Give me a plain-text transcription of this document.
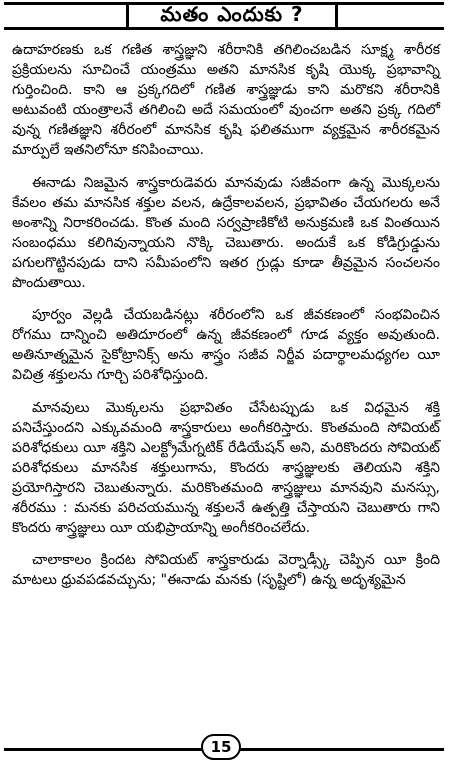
మతం ఎందుకు ?

ఉదాహరణకు ఒక గణిత శాస్త్రజ్ఞుని శరీరానికి తగిలించబడిన సూక్ష్మ శారీరక ప్రక్రియలను సూచించే యంత్రము అతని మానసిక కృషి యొక్క ప్రభావాన్ని గుర్తించింది. కాని ఆ ప్రక్కగదిలో గణిత శాస్త్రజ్ఞుడు కాని మరొకని శరీరానికి అటువంటి యంత్రాలనే తగిలించి అదే సమయంలో వుంచగా అతని ప్రక్క గదిలో వున్న గణితజ్ఞుని శరీరంలో మానసిక కృషి ఫలితముగా వ్యక్తమైన శారీరకమైన మార్పులే ఇతనిలోనూ కనిపించాయి.

ఈనాడు నిజమైన శాస్త్రకారుడెవరు మానవుడు సజీవంగా ఉన్న మొక్కలను కేవలం తమ మానసిక శక్తుల వలన, ఉద్రేకాలవలన, ప్రభావితం చేయగలరు అనే అంశాన్ని నిరాకరించడు. కొంత మంది సర్వప్రాణికోటి అనుక్రమణి ఒక వింతయిన సంబంధము కలిగివున్నాయని నొక్కి చెబుతారు. అందుకే ఒక కోడిగ్రుడ్డును పగులగొట్టినపుడు దాని సమీపంలోని ఇతర గ్రుడ్లు కూడా తీవ్రమైన సంచలనం పొందుతాయి.

పూర్వం వెల్లడి చేయబడినట్లు శరీరంలోని ఒక జీవకణంలో సంభవించిన రోగము దాన్నించి అతిదూరంలో ఉన్న జీవకణంలో గూడ వ్యక్తం అవుతుంది. అతినూత్నమైన సైకోట్రానిక్స్ అను శాస్త్రం సజీవ నిర్జీవ పదార్థాలమధ్యగల యీ విచిత్ర శక్తులను గూర్చి పరిశోధిస్తుంది.

మానవులు మొక్కలను ప్రభావితం చేసేటప్పుడు ఒక విధమైన శక్తి పనిచేస్తుందని ఎక్కువమంది శాస్త్రకారులు అంగీకరిస్తారు. కొంతమంది సోవియట్ పరిశోధకులు యీ శక్తిని ఎలక్ట్రోమేగ్నటిక్ రేడియేషన్ అని, మరికొందరు సోవియట్ పరిశోధకులు మానసిక శక్తులుగాను, కొందరు శాస్త్రజ్ఞులకు తెలియని శక్తిని ప్రయోగిస్తారని చెబుతున్నారు. మరికొంతమంది శాస్త్రజ్ఞులు మానవుని మనస్సు, శరీరము : మనకు పరిచయమున్న శక్తులనే ఉత్పత్తి చేస్తాయని చెబుతారు గాని కొందరు శాస్త్రజ్ఞులు యీ యభిప్రాయాన్ని అంగీకరించలేదు.

చాలాకాలం క్రిందట సోవియట్ శాస్త్రకారుడు వెర్నాడ్స్కీ చెప్పిన యీ క్రింది మాటలు ధ్రువపడవచ్చును; "ఈనాడు మనకు (సృష్టిలో) ఉన్న అదృశ్యమైన

15
